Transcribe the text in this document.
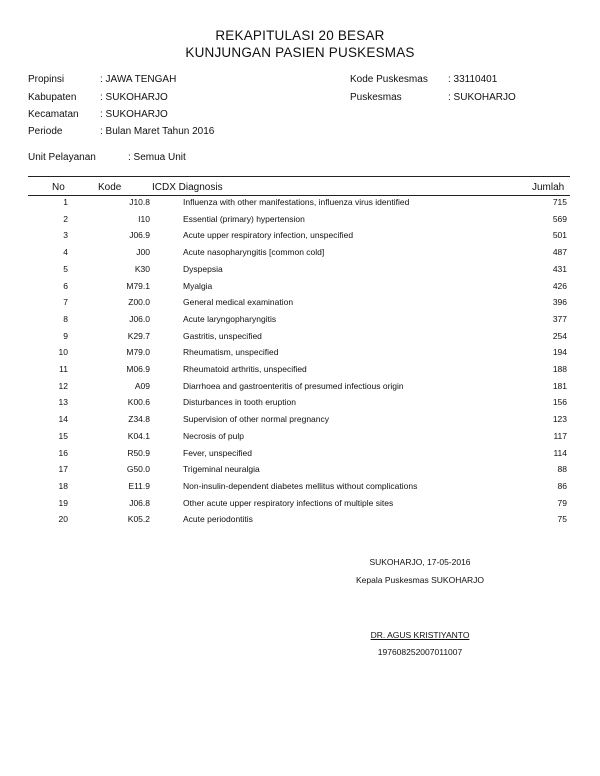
REKAPITULASI 20 BESAR
KUNJUNGAN PASIEN PUSKESMAS
Propinsi	: JAWA TENGAH
Kabupaten : SUKOHARJO
Kecamatan : SUKOHARJO
Periode	: Bulan Maret Tahun 2016
Kode Puskesmas : 33110401
Puskesmas	: SUKOHARJO
Unit Pelayanan	: Semua Unit
No	Kode	ICDX Diagnosis	Jumlah
1	J10.8	Influenza with other manifestations, influenza virus identified	715
2	I10	Essential (primary) hypertension	569
3	J06.9	Acute upper respiratory infection, unspecified	501
4	J00	Acute nasopharyngitis [common cold]	487
5	K30	Dyspepsia	431
6	M79.1	Myalgia	426
7	Z00.0	General medical examination	396
8	J06.0	Acute laryngopharyngitis	377
9	K29.7	Gastritis, unspecified	254
10	M79.0	Rheumatism, unspecified	194
11	M06.9	Rheumatoid arthritis, unspecified	188
12	A09	Diarrhoea and gastroenteritis of presumed infectious origin	181
13	K00.6	Disturbances in tooth eruption	156
14	Z34.8	Supervision of other normal pregnancy	123
15	K04.1	Necrosis of pulp	117
16	R50.9	Fever, unspecified	114
17	G50.0	Trigeminal neuralgia	88
18	E11.9	Non-insulin-dependent diabetes mellitus without complications	86
19	J06.8	Other acute upper respiratory infections of multiple sites	79
20	K05.2	Acute periodontitis	75
SUKOHARJO, 17-05-2016
Kepala Puskesmas SUKOHARJO
DR. AGUS KRISTIYANTO
197608252007011007
